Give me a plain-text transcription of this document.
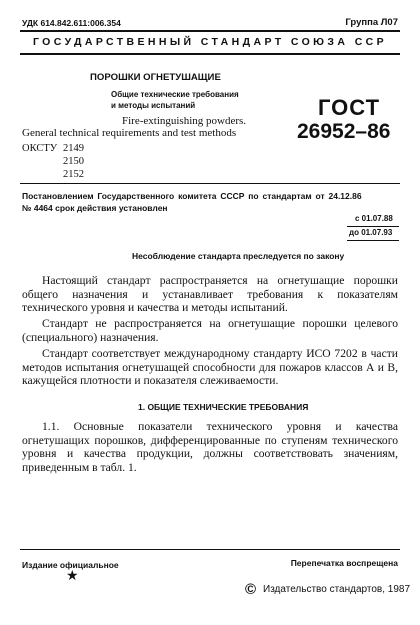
УДК 614.842.611:006.354	Группа Л07
ГОСУДАРСТВЕННЫЙ СТАНДАРТ СОЮЗА ССР
ПОРОШКИ ОГНЕТУШАЩИЕ
Общие технические требования
и методы испытаний
Fire-extinguishing powders.
General technical requirements and test methods
ГОСТ
26952–86
ОКСТУ 2149
2150
2152
Постановлением Государственного комитета СССР по стандартам от 24.12.86
№ 4464 срок действия установлен
с 01.07.88
до 01.07.93
Несоблюдение стандарта преследуется по закону
Настоящий стандарт распространяется на огнетушащие порошки общего назначения и устанавливает требования к показателям технического уровня и качества и методы испытаний.
Стандарт не распространяется на огнетушащие порошки целевого (специального) назначения.
Стандарт соответствует международному стандарту ИСО 7202 в части методов испытания огнетушащей способности для пожаров классов А и В, кажущейся плотности и показателя слеживаемости.
1. ОБЩИЕ ТЕХНИЧЕСКИЕ ТРЕБОВАНИЯ
1.1. Основные показатели технического уровня и качества огнетушащих порошков, дифференцированные по ступеням технического уровня и качества продукции, должны соответствовать значениям, приведенным в табл. 1.
Издание официальное	Перепечатка воспрещена
★
© Издательство стандартов, 1987
